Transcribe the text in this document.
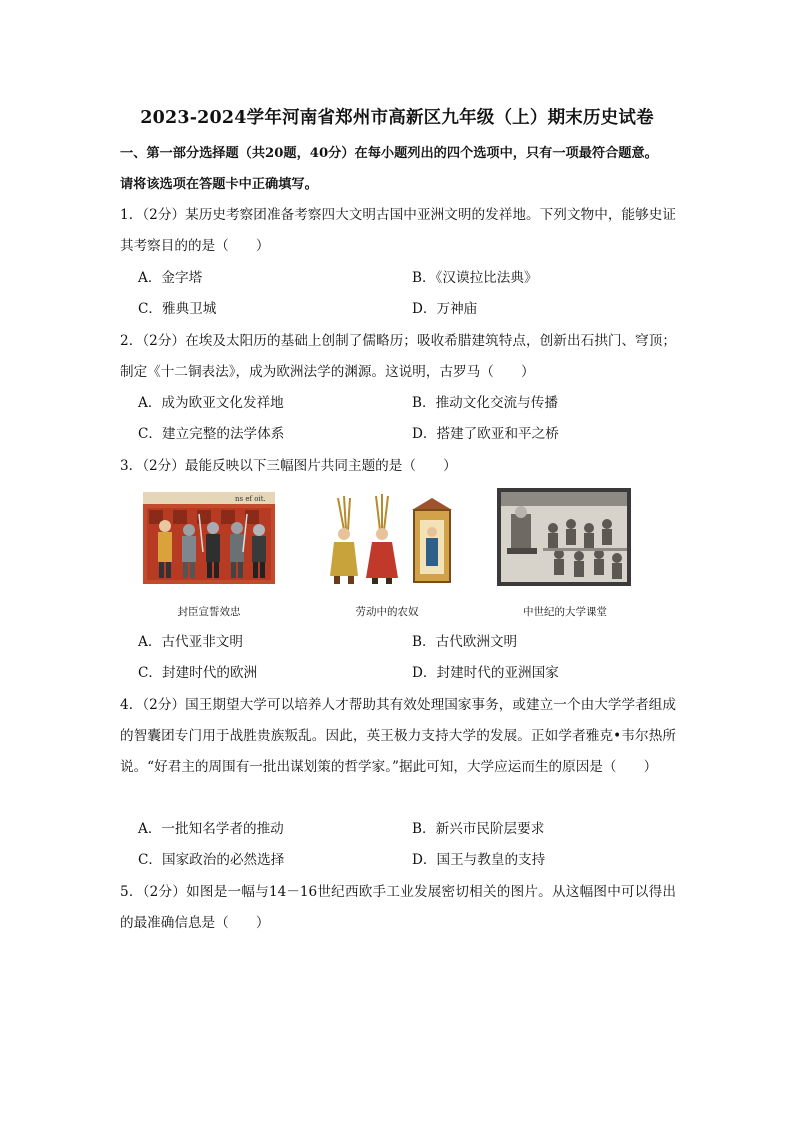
2023-2024学年河南省郑州市高新区九年级（上）期末历史试卷
一、第一部分选择题（共20题，40分）在每小题列出的四个选项中，只有一项最符合题意。
请将该选项在答题卡中正确填写。
1．（2分）某历史考察团准备考察四大文明古国中亚洲文明的发祥地。下列文物中，能够史证其考察目的的是（　　）
A．金字塔	B．《汉谟拉比法典》
C．雅典卫城	D．万神庙
2．（2分）在埃及太阳历的基础上创制了儒略历；吸收希腊建筑特点，创新出石拱门、穹顶；制定《十二铜表法》，成为欧洲法学的渊源。这说明，古罗马（　　）
A．成为欧亚文化发祥地	B．推动文化交流与传播
C．建立完整的法学体系	D．搭建了欧亚和平之桥
3．（2分）最能反映以下三幅图片共同主题的是（　　）
ns ef oit.
封臣宣誓效忠	劳动中的农奴	中世纪的大学课堂
A．古代亚非文明	B．古代欧洲文明
C．封建时代的欧洲	D．封建时代的亚洲国家
4．（2分）国王期望大学可以培养人才帮助其有效处理国家事务，或建立一个由大学学者组成的智囊团专门用于战胜贵族叛乱。因此，英王极力支持大学的发展。正如学者雅克•韦尔热所说。“好君主的周围有一批出谋划策的哲学家。”据此可知，大学应运而生的原因是（　　）
A．一批知名学者的推动	B．新兴市民阶层要求
C．国家政治的必然选择	D．国王与教皇的支持
5．（2分）如图是一幅与14－16世纪西欧手工业发展密切相关的图片。从这幅图中可以得出的最准确信息是（　　）
